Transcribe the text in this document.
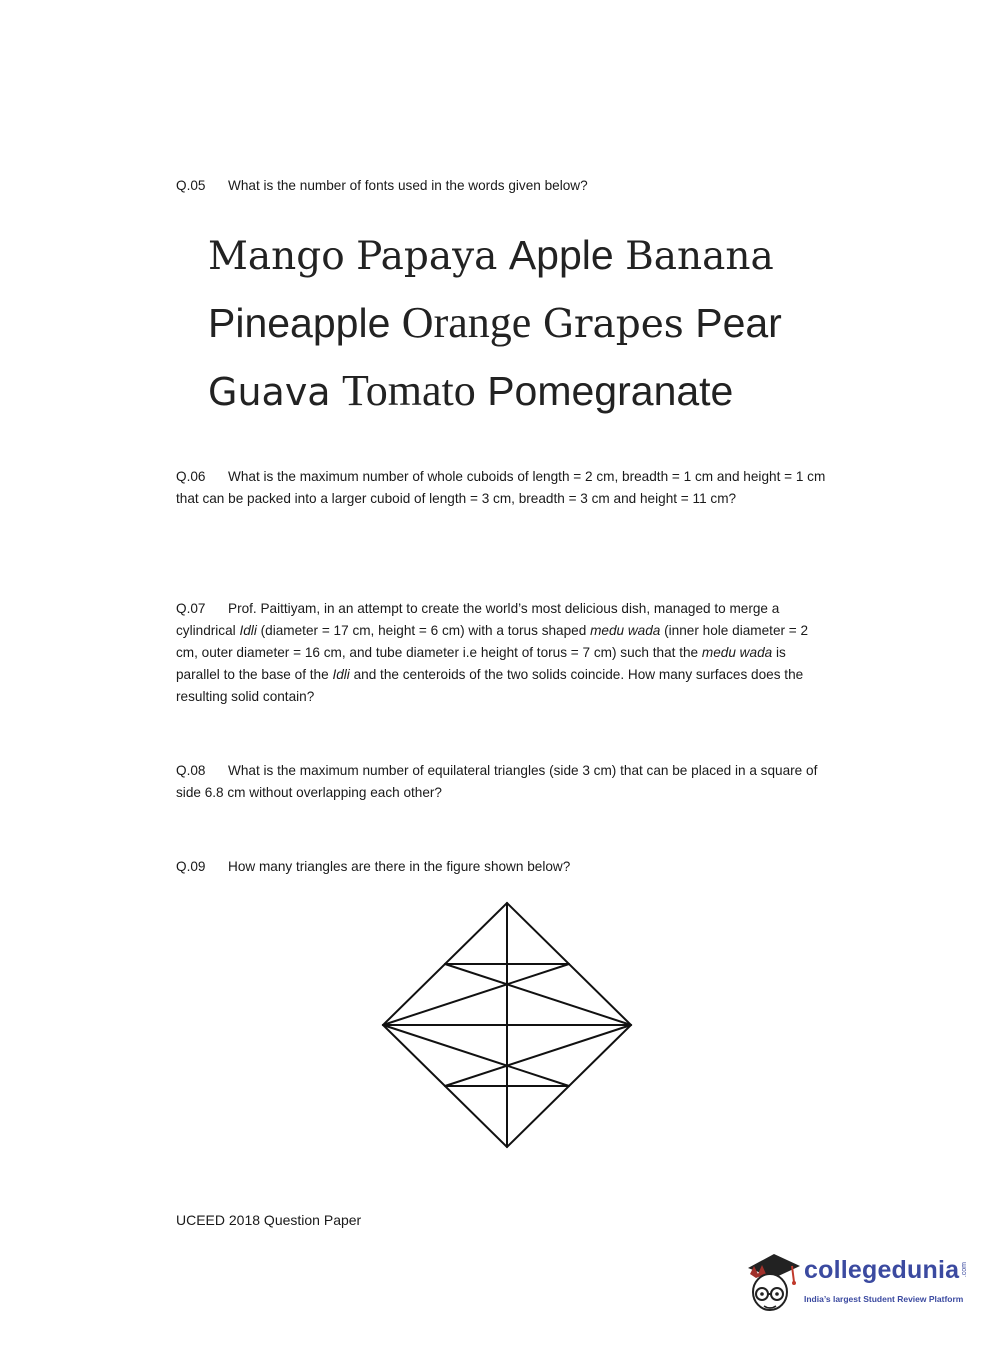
Q.05 What is the number of fonts used in the words given below?

Mango Papaya Apple Banana
Pineapple Orange Grapes Pear
Guava Tomato Pomegranate

Q.06 What is the maximum number of whole cuboids of length = 2 cm, breadth = 1 cm and height = 1 cm that can be packed into a larger cuboid of length = 3 cm, breadth = 3 cm and height = 11 cm?

Q.07 Prof. Paittiyam, in an attempt to create the world’s most delicious dish, managed to merge a cylindrical Idli (diameter = 17 cm, height = 6 cm) with a torus shaped medu wada (inner hole diameter = 2 cm, outer diameter = 16 cm, and tube diameter i.e height of torus = 7 cm) such that the medu wada is parallel to the base of the Idli and the centeroids of the two solids coincide. How many surfaces does the resulting solid contain?

Q.08 What is the maximum number of equilateral triangles (side 3 cm) that can be placed in a square of side 6.8 cm without overlapping each other?

Q.09 How many triangles are there in the figure shown below?

UCEED 2018 Question Paper

collegedunia .com
India’s largest Student Review Platform
